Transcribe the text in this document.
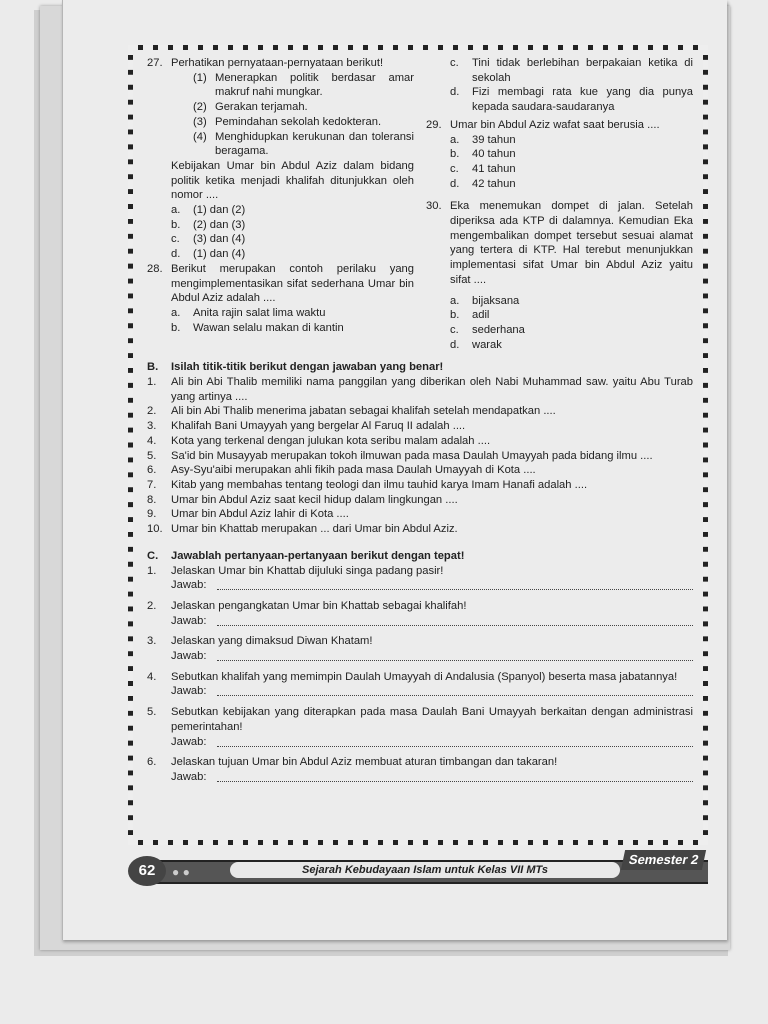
27. Perhatikan pernyataan-pernyataan berikut!
(1) Menerapkan politik berdasar amar makruf nahi mungkar.
(2) Gerakan terjamah.
(3) Pemindahan sekolah kedokteran.
(4) Menghidupkan kerukunan dan toleransi beragama.
Kebijakan Umar bin Abdul Aziz dalam bidang politik ketika menjadi khalifah ditunjukkan oleh nomor ....
a.	(1) dan (2)
b.	(2) dan (3)
c.	(3) dan (4)
d.	(1) dan (4)
28. Berikut merupakan contoh perilaku yang mengimplementasikan sifat sederhana Umar bin Abdul Aziz adalah ....
a.	Anita rajin salat lima waktu
b.	Wawan selalu makan di kantin
c.	Tini tidak berlebihan berpakaian ketika di sekolah
d.	Fizi membagi rata kue yang dia punya kepada saudara-saudaranya
29. Umar bin Abdul Aziz wafat saat berusia ....
a.	39 tahun
b.	40 tahun
c.	41 tahun
d.	42 tahun
30. Eka menemukan dompet di jalan. Setelah diperiksa ada KTP di dalamnya. Kemudian Eka mengembalikan dompet tersebut sesuai alamat yang tertera di KTP. Hal terebut menunjukkan implementasi sifat Umar bin Abdul Aziz yaitu sifat ....
a.	bijaksana
b.	adil
c.	sederhana
d.	warak
B.	Isilah titik-titik berikut dengan jawaban yang benar!
1.	Ali bin Abi Thalib memiliki nama panggilan yang diberikan oleh Nabi Muhammad saw. yaitu Abu Turab yang artinya ....
2.	Ali bin Abi Thalib menerima jabatan sebagai khalifah setelah mendapatkan ....
3.	Khalifah Bani Umayyah yang bergelar Al Faruq II adalah ....
4.	Kota yang terkenal dengan julukan kota seribu malam adalah ....
5.	Sa'id bin Musayyab merupakan tokoh ilmuwan pada masa Daulah Umayyah pada bidang ilmu ....
6.	Asy-Syu'aibi merupakan ahli fikih pada masa Daulah Umayyah di Kota ....
7.	Kitab yang membahas tentang teologi dan ilmu tauhid karya Imam Hanafi adalah ....
8.	Umar bin Abdul Aziz saat kecil hidup dalam lingkungan ....
9.	Umar bin Abdul Aziz lahir di Kota ....
10. Umar bin Khattab merupakan ... dari Umar bin Abdul Aziz.
C.	Jawablah pertanyaan-pertanyaan berikut dengan tepat!
1.	Jelaskan Umar bin Khattab dijuluki singa padang pasir!
Jawab:
2.	Jelaskan pengangkatan Umar bin Khattab sebagai khalifah!
Jawab:
3.	Jelaskan yang dimaksud Diwan Khatam!
Jawab:
4.	Sebutkan khalifah yang memimpin Daulah Umayyah di Andalusia (Spanyol) beserta masa jabatannya!
Jawab:
5.	Sebutkan kebijakan yang diterapkan pada masa Daulah Bani Umayyah berkaitan dengan administrasi pemerintahan!
Jawab:
6.	Jelaskan tujuan Umar bin Abdul Aziz membuat aturan timbangan dan takaran!
Jawab:
62	● ●	Sejarah Kebudayaan Islam untuk Kelas VII MTs
Semester 2
